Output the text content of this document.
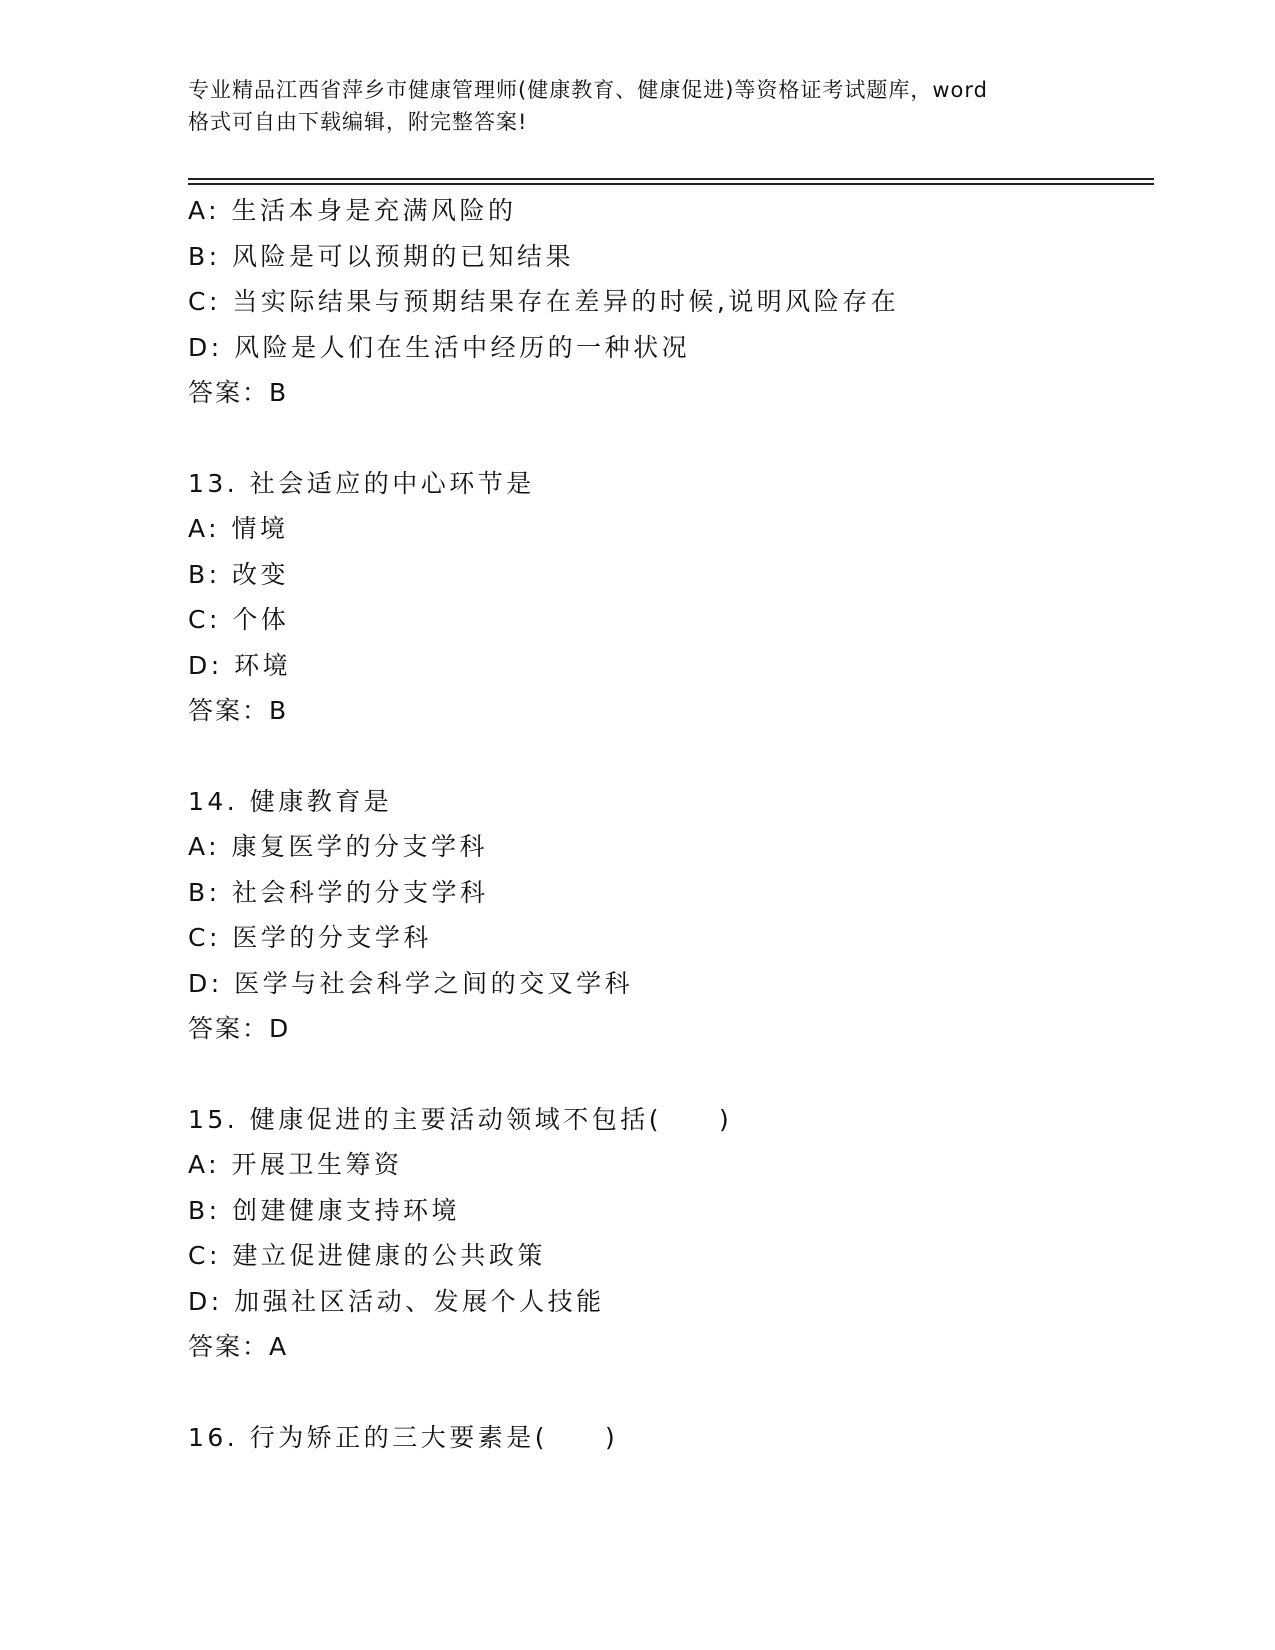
专业精品江西省萍乡市健康管理师(健康教育、健康促进)等资格证考试题库，word
格式可自由下载编辑，附完整答案!
A: 生活本身是充满风险的
B: 风险是可以预期的已知结果
C: 当实际结果与预期结果存在差异的时候,说明风险存在
D: 风险是人们在生活中经历的一种状况
答案：B
13. 社会适应的中心环节是
A: 情境
B: 改变
C: 个体
D: 环境
答案：B
14. 健康教育是
A: 康复医学的分支学科
B: 社会科学的分支学科
C: 医学的分支学科
D: 医学与社会科学之间的交叉学科
答案：D
15. 健康促进的主要活动领域不包括(　　)
A: 开展卫生筹资
B: 创建健康支持环境
C: 建立促进健康的公共政策
D: 加强社区活动、发展个人技能
答案：A
16. 行为矫正的三大要素是(　　)
